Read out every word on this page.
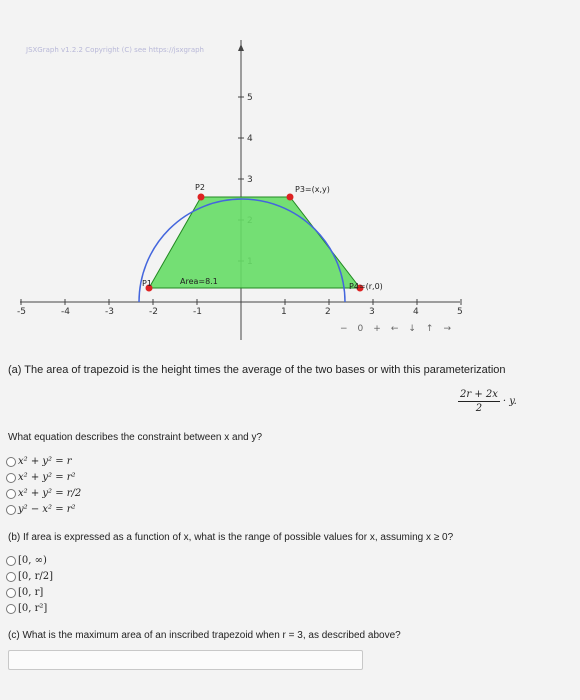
JSXGraph v1.2.2 Copyright (C) see https://jsxgraph
-5	-4	-3	-2	-1	1	2	3	4	5
3
4
5
P1
P2	P3=(x,y)
P4=(r,0)
Area=8.1
− 0 + ← ↓ ↑ →
(a) The area of trapezoid is the height times the average of the two bases or with this parameterization
$\frac{2r + 2x}{2} \cdot y$.
What equation describes the constraint between x and y?
x² + y² = r
x² + y² = r²
x² + y² = r/2
y² − x² = r²
(b) If area is expressed as a function of x, what is the range of possible values for x, assuming x ≥ 0?
[0, ∞)
[0, r/2]
[0, r]
[0, r²]
(c) What is the maximum area of an inscribed trapezoid when r = 3, as described above?
